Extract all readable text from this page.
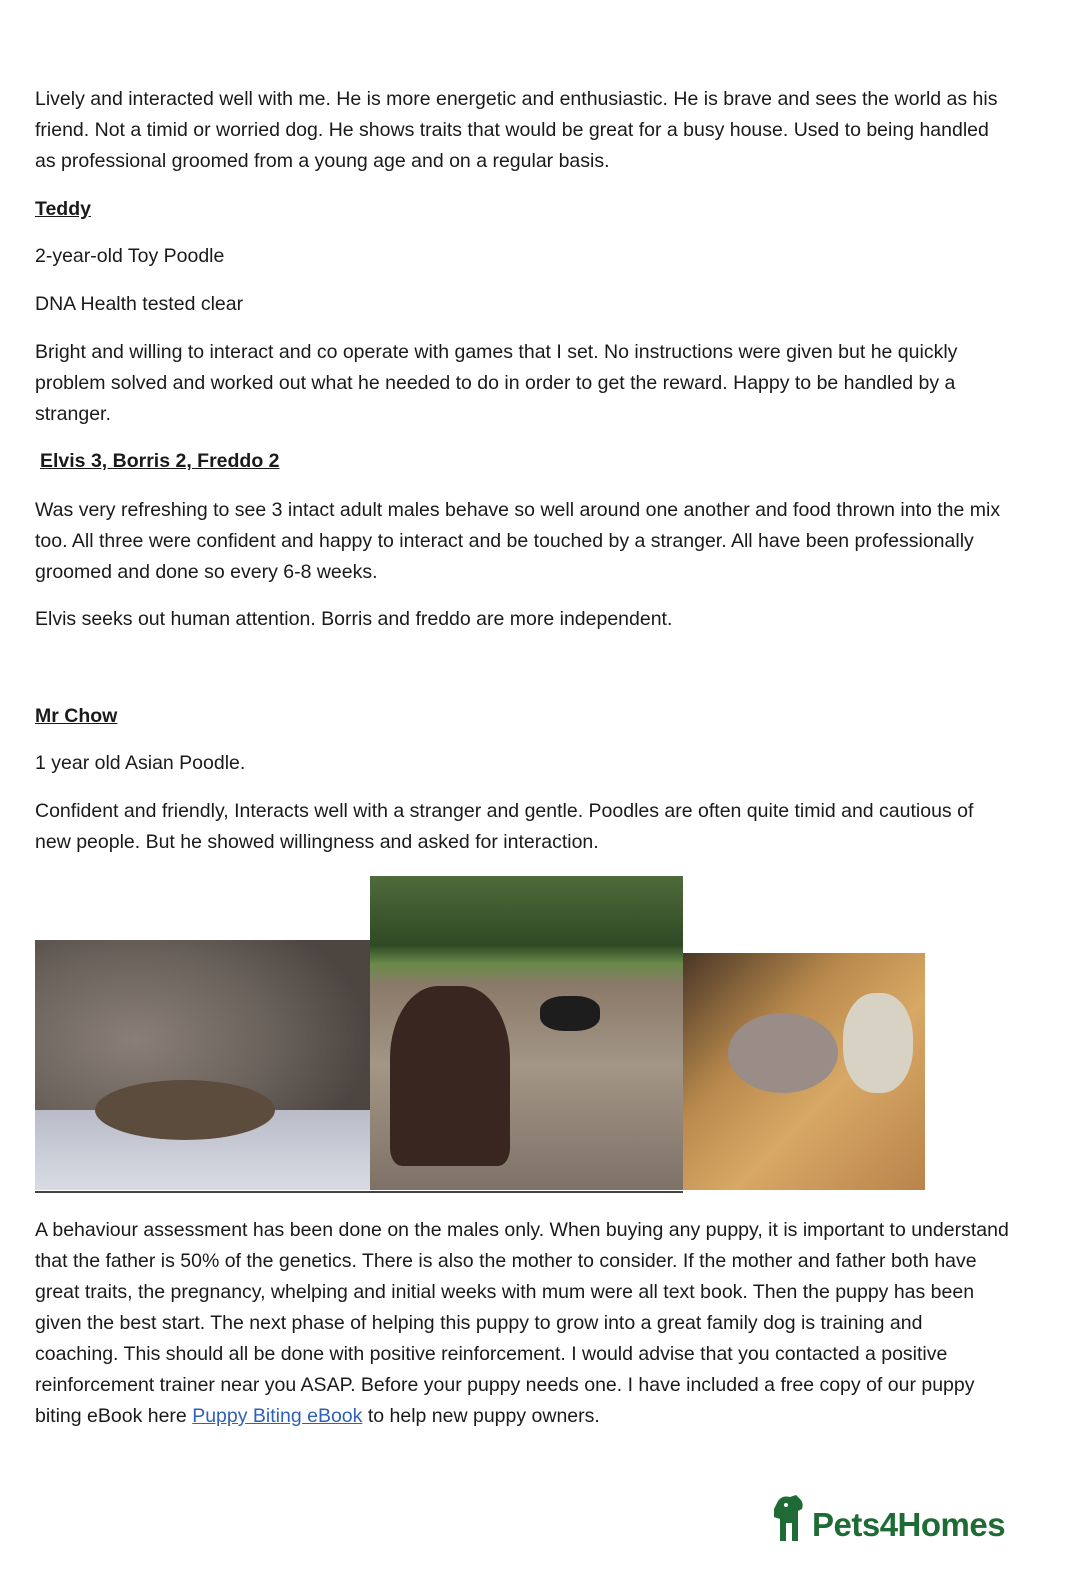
Lively and interacted well with me. He is more energetic and enthusiastic. He is brave and sees the world as his friend. Not a timid or worried dog. He shows traits that would be great for a busy house. Used to being handled as professional groomed from a young age and on a regular basis.

Teddy

2-year-old Toy Poodle

DNA Health tested clear

Bright and willing to interact and co operate with games that I set. No instructions were given but he quickly problem solved and worked out what he needed to do in order to get the reward. Happy to be handled by a stranger.

Elvis 3, Borris 2, Freddo 2

Was very refreshing to see 3 intact adult males behave so well around one another and food thrown into the mix too. All three were confident and happy to interact and be touched by a stranger. All have been professionally groomed and done so every 6-8 weeks.

Elvis seeks out human attention. Borris and freddo are more independent.

Mr Chow

1 year old Asian Poodle.

Confident and friendly, Interacts well with a stranger and gentle. Poodles are often quite timid and cautious of new people. But he showed willingness and asked for interaction.

A behaviour assessment has been done on the males only. When buying any puppy, it is important to understand that the father is 50% of the genetics. There is also the mother to consider. If the mother and father both have great traits, the pregnancy, whelping and initial weeks with mum were all text book. Then the puppy has been given the best start. The next phase of helping this puppy to grow into a great family dog is training and coaching. This should all be done with positive reinforcement. I would advise that you contacted a positive reinforcement trainer near you ASAP. Before your puppy needs one. I have included a free copy of our puppy biting eBook here Puppy Biting eBook to help new puppy owners.

Pets4Homes
